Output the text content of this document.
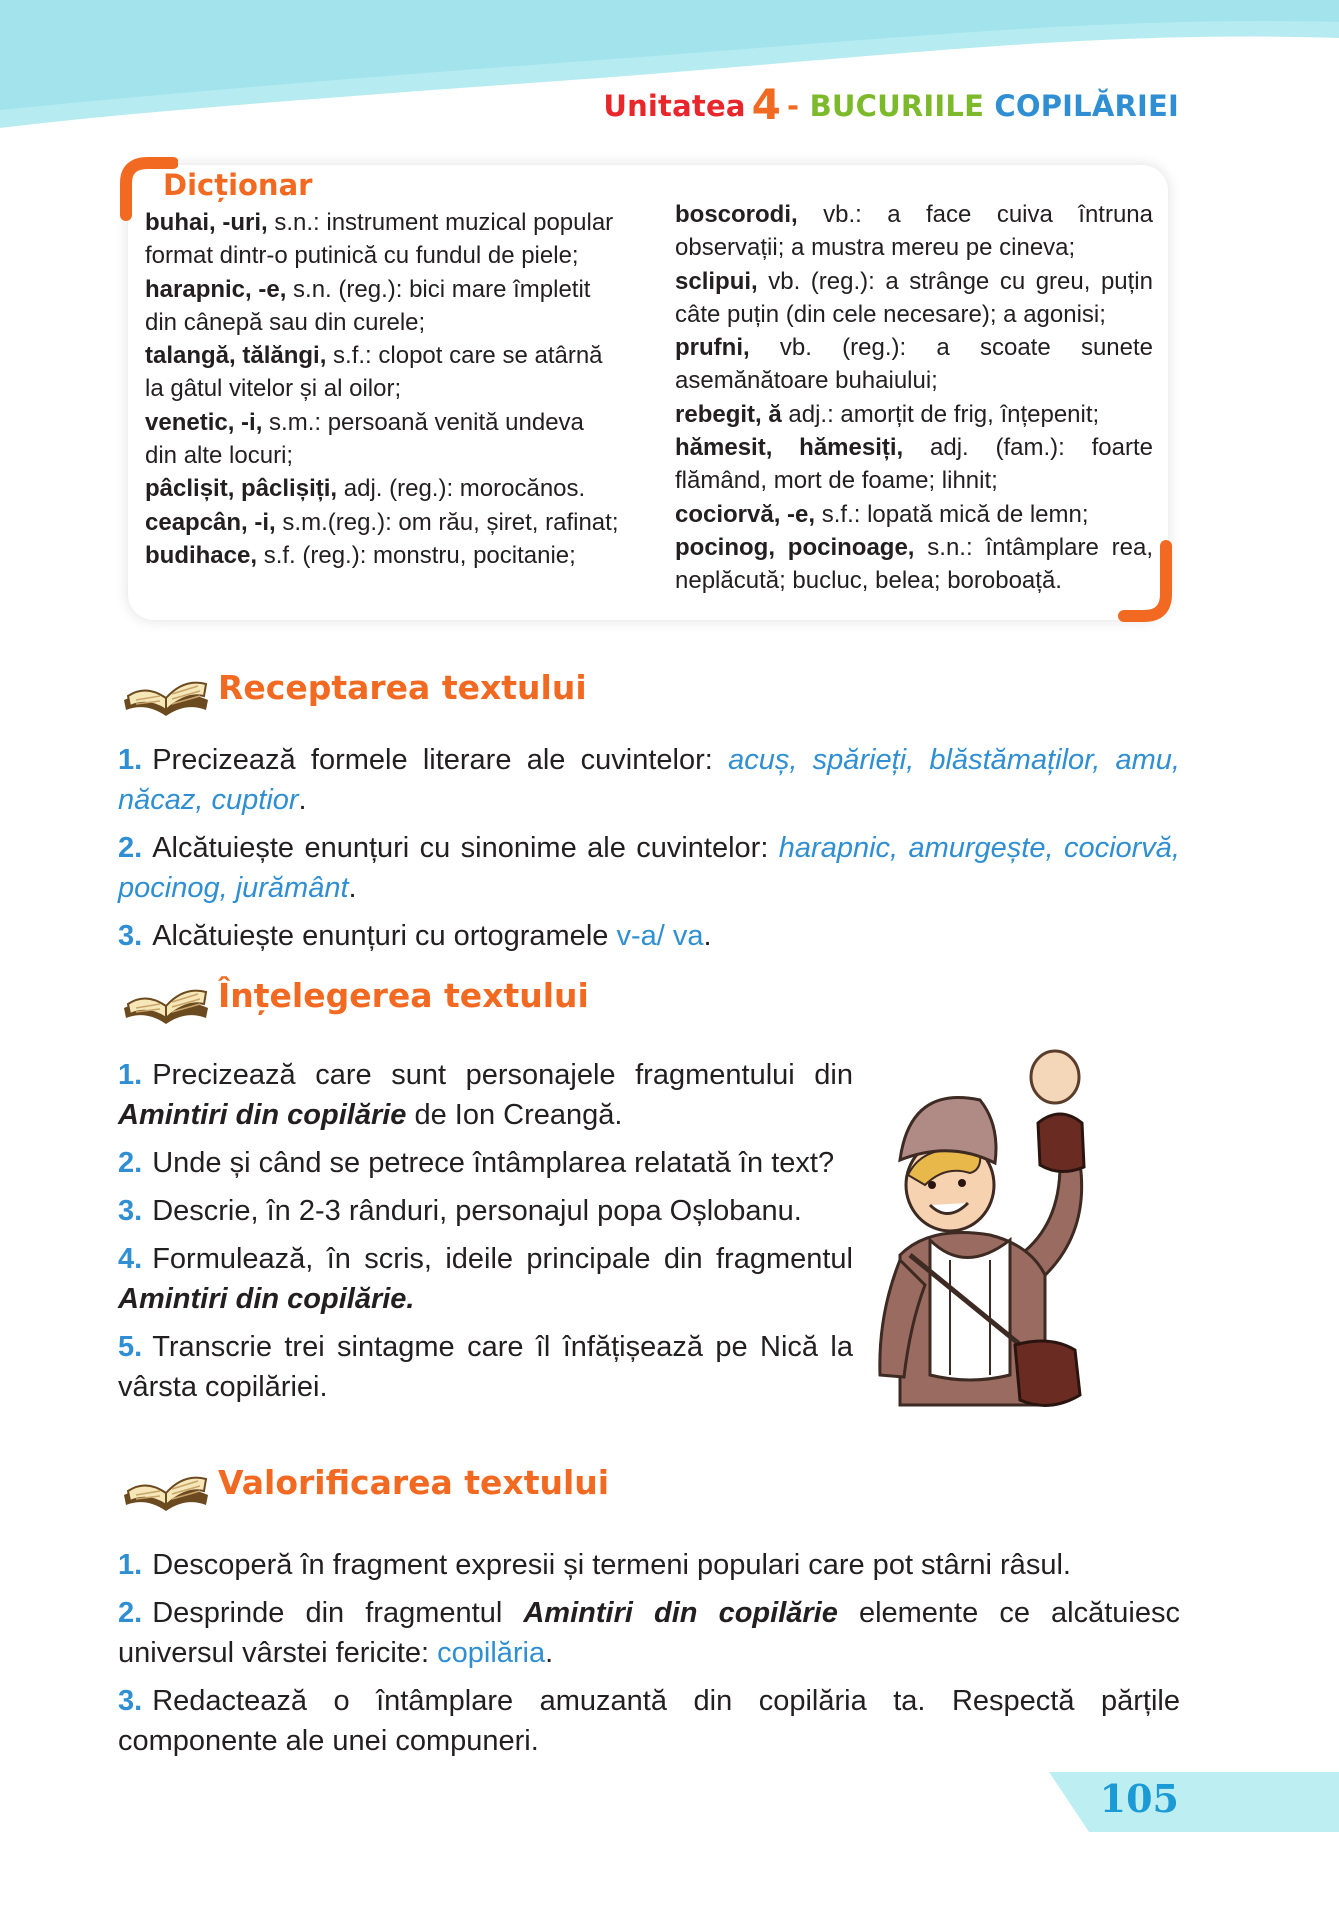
Unitatea 4 - BUCURIILE COPILĂRIEI
Dicționar

buhai, -uri, s.n.: instrument muzical popular format dintr-o putinică cu fundul de piele;

harapnic, -e, s.n. (reg.): bici mare împletit din cânepă sau din curele;

talangă, tălăngi, s.f.: clopot care se atârnă la gâtul vitelor și al oilor;

venetic, -i, s.m.: persoană venită undeva din alte locuri;

pâclișit, pâclișiți, adj. (reg.): morocănos.

ceapcân, -i, s.m.(reg.): om rău, șiret, rafinat;

budihace, s.f. (reg.): monstru, pocitanie;

boscorodi, vb.: a face cuiva întruna observații; a mustra mereu pe cineva;

sclipui, vb. (reg.): a strânge cu greu, puțin câte puțin (din cele necesare); a agonisi;

prufni, vb. (reg.): a scoate sunete asemănătoare buhaiului;

rebegit, ă adj.: amorțit de frig, înțepenit;

hămesit, hămesiți, adj. (fam.): foarte flămând, mort de foame; lihnit;

cociorvă, -e, s.f.: lopată mică de lemn;

pocinog, pocinoage, s.n.: întâmplare rea, neplăcută; bucluc, belea; boroboață.

Receptarea textului

1. Precizează formele literare ale cuvintelor: acuș, spărieți, blăstămaților, amu, năcaz, cuptior.

2. Alcătuiește enunțuri cu sinonime ale cuvintelor: harapnic, amurgește, cociorvă, pocinog, jurământ.

3. Alcătuiește enunțuri cu ortogramele v-a/ va.

Înțelegerea textului

1. Precizează care sunt personajele fragmentului din Amintiri din copilărie de Ion Creangă.

2. Unde și când se petrece întâmplarea relatată în text?

3. Descrie, în 2-3 rânduri, personajul popa Oșlobanu.

4. Formulează, în scris, ideile principale din fragmentul Amintiri din copilărie.

5. Transcrie trei sintagme care îl înfățișează pe Nică la vârsta copilăriei.

Valorificarea textului

1. Descoperă în fragment expresii și termeni populari care pot stârni râsul.

2. Desprinde din fragmentul Amintiri din copilărie elemente ce alcătuiesc universul vârstei fericite: copilăria.

3. Redactează o întâmplare amuzantă din copilăria ta. Respectă părțile componente ale unei compuneri.

105
